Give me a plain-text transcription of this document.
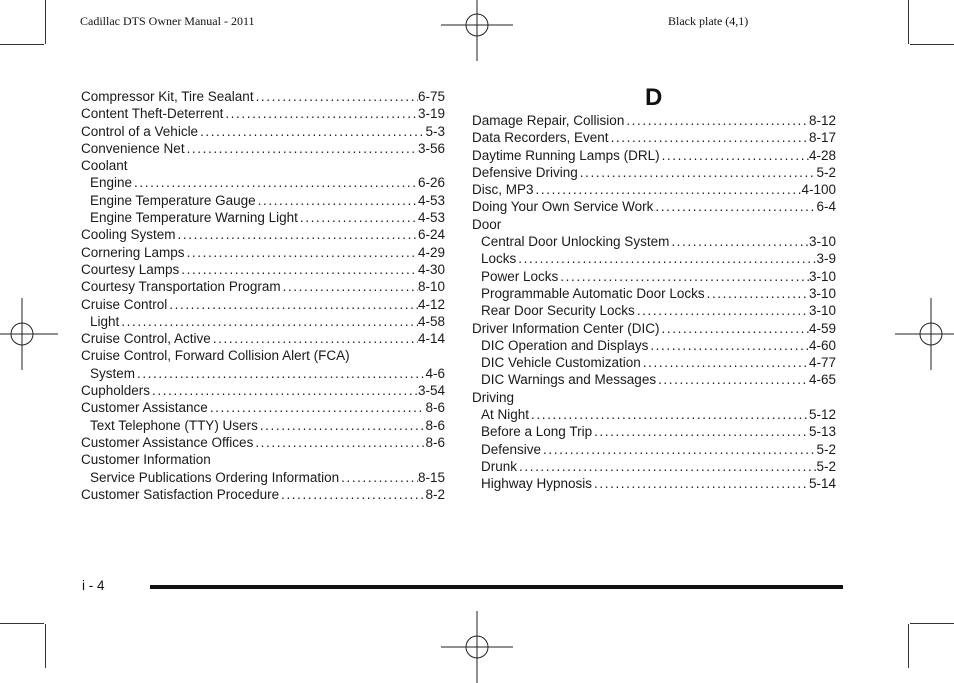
Cadillac DTS Owner Manual - 2011	Black plate (4,1)
D
Compressor Kit, Tire Sealant .....	6-75
Content Theft-Deterrent .....	3-19
Control of a Vehicle .....	5-3
Convenience Net .....	3-56
Coolant
Engine .....	6-26
Engine Temperature Gauge .....	4-53
Engine Temperature Warning Light .....	4-53
Cooling System .....	6-24
Cornering Lamps .....	4-29
Courtesy Lamps .....	4-30
Courtesy Transportation Program .....	8-10
Cruise Control .....	4-12
Light .....	4-58
Cruise Control, Active .....	4-14
Cruise Control, Forward Collision Alert (FCA)
System .....	4-6
Cupholders .....	3-54
Customer Assistance .....	8-6
Text Telephone (TTY) Users .....	8-6
Customer Assistance Offices .....	8-6
Customer Information
Service Publications Ordering Information .....	8-15
Customer Satisfaction Procedure .....	8-2
Damage Repair, Collision .....	8-12
Data Recorders, Event .....	8-17
Daytime Running Lamps (DRL) .....	4-28
Defensive Driving .....	5-2
Disc, MP3 .....	4-100
Doing Your Own Service Work .....	6-4
Door
Central Door Unlocking System .....	3-10
Locks .....	3-9
Power Locks .....	3-10
Programmable Automatic Door Locks .....	3-10
Rear Door Security Locks .....	3-10
Driver Information Center (DIC) .....	4-59
DIC Operation and Displays .....	4-60
DIC Vehicle Customization .....	4-77
DIC Warnings and Messages .....	4-65
Driving
At Night .....	5-12
Before a Long Trip .....	5-13
Defensive .....	5-2
Drunk .....	5-2
Highway Hypnosis .....	5-14
i - 4
